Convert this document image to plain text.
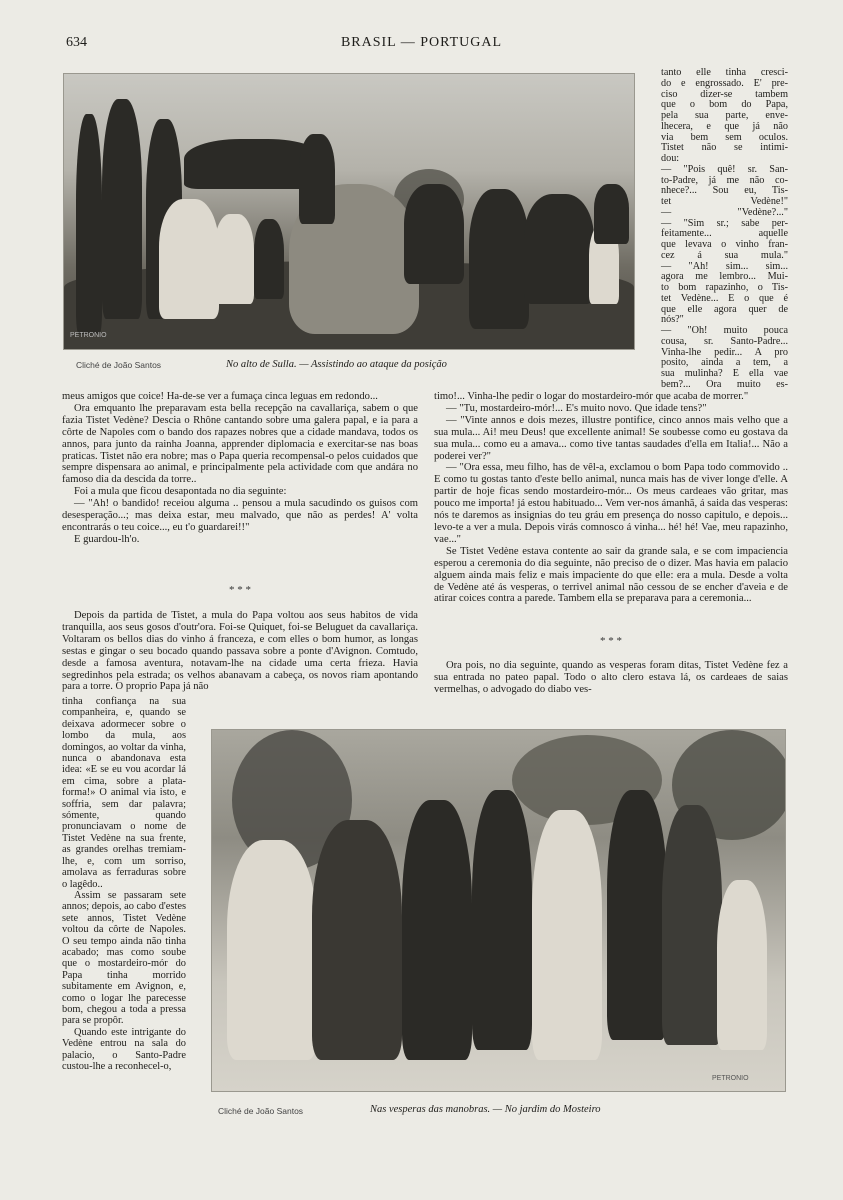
634	BRASIL — PORTUGAL
PETRONIO
Cliché de João Santos	No alto de Sulla. — Assistindo ao ataque da posição
tanto elle tinha cresci-
do e engrossado. E' pre-
ciso dizer-se tambem
que o bom do Papa,
pela sua parte, enve-
lhecera, e que já não
via bem sem oculos.
Tistet não se intimi-
dou:
— "Pois quê! sr. San-
to-Padre, já me não co-
nhece?... Sou eu, Tis-
tet Vedène!"
— "Vedène?..."
— "Sim sr.; sabe per-
feitamente... aquelle
que levava o vinho fran-
cez á sua mula."
— "Ah! sim... sim...
agora me lembro... Mui-
to bom rapazinho, o Tis-
tet Vedène... E o que é
que elle agora quer de
nós?"
— "Oh! muito pouca
cousa, sr. Santo-Padre...
Vinha-lhe pedir... A pro
posito, ainda a tem, a
sua mulinha? E ella vae
bem?... Ora muito es-

meus amigos que coice! Ha-de-se ver a fumaça cinca leguas em redondo...

Ora emquanto lhe preparavam esta bella recepção na cavallariça, sabem o que fazia Tistet Vedène? Descia o Rhône cantando sobre uma galera papal, e ia para a côrte de Napoles com o bando dos rapazes nobres que a cidade mandava, todos os annos, para junto da rainha Joanna, apprender diplomacia e exercitar-se nas boas praticas. Tistet não era nobre; mas o Papa queria recompensal-o pelos cuidados que sempre dispensara ao animal, e principalmente pela actividade com que andára no famoso dia da descida da torre..

Foi a mula que ficou desapontada no dia seguinte:

— "Ah! o bandido! receiou alguma .. pensou a mula sacudindo os guisos com desesperação...; mas deixa estar, meu malvado, que não as perdes! A' volta encontrarás o teu coice..., eu t'o guardarei!!"

E guardou-lh'o.

* * *

Depois da partida de Tistet, a mula do Papa voltou aos seus habitos de vida tranquilla, aos seus gosos d'outr'ora. Foi-se Quiquet, foi-se Beluguet da cavallariça. Voltaram os bellos dias do vinho á franceza, e com elles o bom humor, as longas sestas e gingar o seu bocado quando passava sobre a ponte d'Avignon. Comtudo, desde a famosa aventura, notavam-lhe na cidade uma certa frieza. Havia segredinhos pela estrada; os velhos abanavam a cabeça, os novos riam apontando para a torre. O proprio Papa já não

timo!... Vinha-lhe pedir o logar do mostardeiro-mór que acaba de morrer."

— "Tu, mostardeiro-mór!... E's muito novo. Que idade tens?"

— "Vinte annos e dois mezes, illustre pontifice, cinco annos mais velho que a sua mula... Ai! meu Deus! que excellente animal! Se soubesse como eu gostava da sua mula... como eu a amava... como tive tantas saudades d'ella em Italia!... Não a poderei ver?"

— "Ora essa, meu filho, has de vêl-a, exclamou o bom Papa todo commovido .. E como tu gostas tanto d'este bello animal, nunca mais has de viver longe d'elle. A partir de hoje ficas sendo mostardeiro-mór... Os meus cardeaes vão gritar, mas pouco me importa! já estou habituado... Vem ver-nos ámanhã, á saida das vesperas: nós te daremos as insignias do teu gráu em presença do nosso capitulo, e depois... levo-te a ver a mula. Depois virás comnosco á vinha... hé! hé! Vae, meu rapazinho, vae..."

Se Tistet Vedène estava contente ao sair da grande sala, e se com impaciencia esperou a ceremonia do dia seguinte, não preciso de o dizer. Mas havia em palacio alguem ainda mais feliz e mais impaciente do que elle: era a mula. Desde a volta de Vedène até ás vesperas, o terrivel animal não cessou de se encher d'aveia e de atirar coices contra a parede. Tambem ella se preparava para a ceremonia...

* * *

Ora pois, no dia seguinte, quando as vesperas foram ditas, Tistet Vedène fez a sua entrada no pateo papal. Todo o alto clero estava lá, os cardeaes de saias vermelhas, o advogado do diabo ves-

tinha confiança na sua companheira, e, quando se deixava adormecer sobre o lombo da mula, aos domingos, ao voltar da vinha, nunca o abandonava esta idea: «E se eu vou acordar lá em cima, sobre a plata-forma!» O animal via isto, e soffria, sem dar palavra; sómente, quando pronunciavam o nome de Tistet Vedène na sua frente, as grandes orelhas tremiam-lhe, e, com um sorriso, amolava as ferraduras sobre o lagêdo..

Assim se passaram sete annos; depois, ao cabo d'estes sete annos, Tistet Vedène voltou da côrte de Napoles. O seu tempo ainda não tinha acabado; mas como soube que o mostardeiro-mór do Papa tinha morrido subitamente em Avignon, e, como o logar lhe parecesse bom, chegou a toda a pressa para se propôr.

Quando este intrigante do Vedène entrou na sala do palacio, o Santo-Padre custou-lhe a reconhecel-o,

PETRONIO
Cliché de João Santos	Nas vesperas das manobras. — No jardim do Mosteiro
